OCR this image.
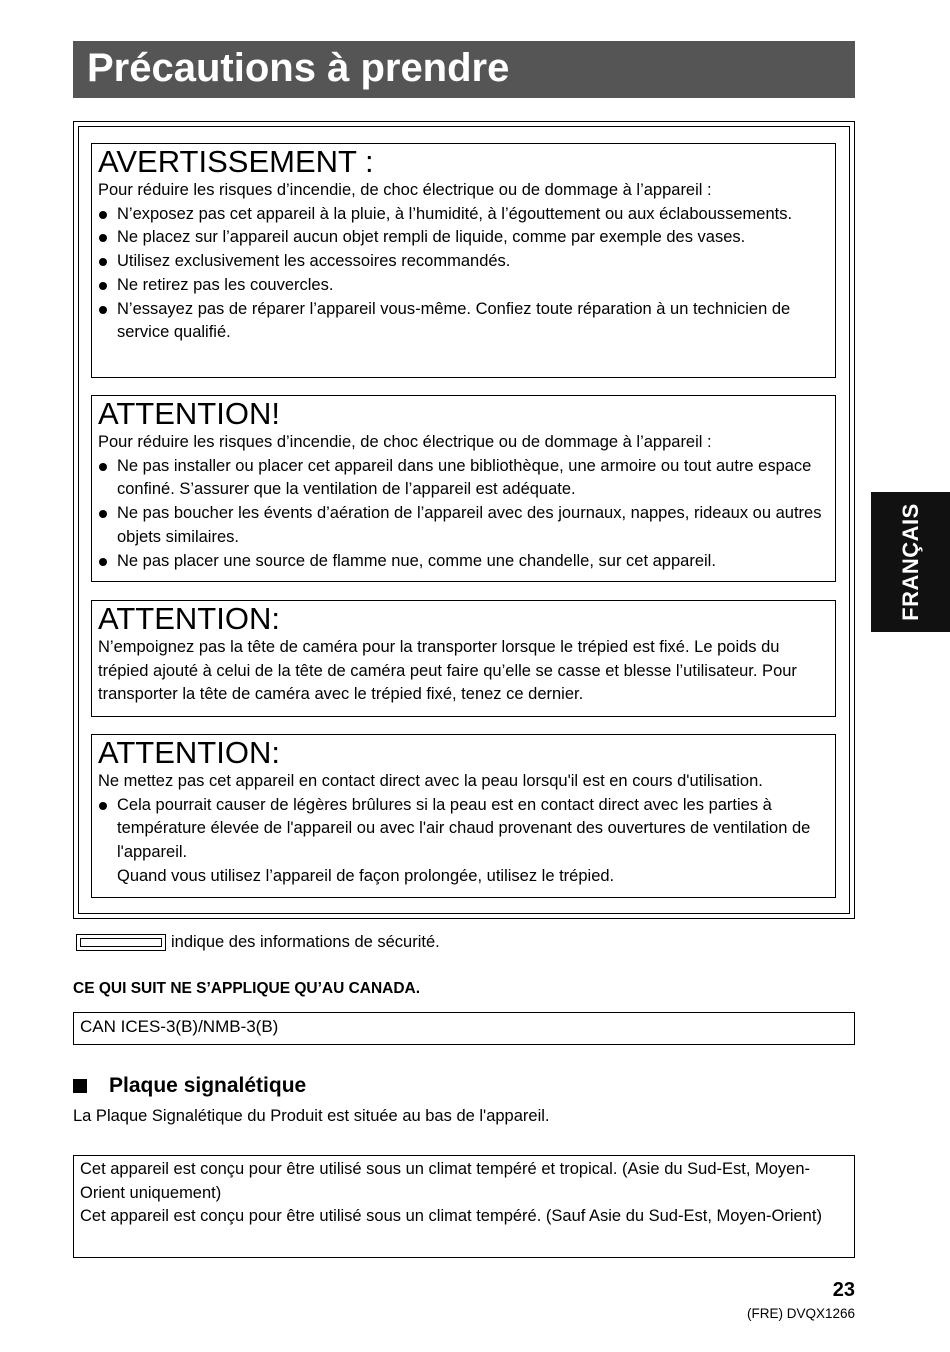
Précautions à prendre
AVERTISSEMENT :

Pour réduire les risques d’incendie, de choc électrique ou de dommage à l’appareil :

N’exposez pas cet appareil à la pluie, à l’humidité, à l’égouttement ou aux éclaboussements.
Ne placez sur l’appareil aucun objet rempli de liquide, comme par exemple des vases.
Utilisez exclusivement les accessoires recommandés.
Ne retirez pas les couvercles.
N’essayez pas de réparer l’appareil vous-même. Confiez toute réparation à un technicien de service qualifié.
ATTENTION!

Pour réduire les risques d’incendie, de choc électrique ou de dommage à l’appareil :

Ne pas installer ou placer cet appareil dans une bibliothèque, une armoire ou tout autre espace confiné. S’assurer que la ventilation de l’appareil est adéquate.
Ne pas boucher les évents d’aération de l’appareil avec des journaux, nappes, rideaux ou autres objets similaires.
Ne pas placer une source de flamme nue, comme une chandelle, sur cet appareil.
ATTENTION:

N’empoignez pas la tête de caméra pour la transporter lorsque le trépied est fixé. Le poids du trépied ajouté à celui de la tête de caméra peut faire qu’elle se casse et blesse l’utilisateur. Pour transporter la tête de caméra avec le trépied fixé, tenez ce dernier.

ATTENTION:

Ne mettez pas cet appareil en contact direct avec la peau lorsqu'il est en cours d'utilisation.

Cela pourrait causer de légères brûlures si la peau est en contact direct avec les parties à température élevée de l'appareil ou avec l'air chaud provenant des ouvertures de ventilation de l'appareil.
Quand vous utilisez l’appareil de façon prolongée, utilisez le trépied.
FRANÇAIS
indique des informations de sécurité.
CE QUI SUIT NE S’APPLIQUE QU’AU CANADA.
CAN ICES-3(B)/NMB-3(B)
Plaque signalétique
La Plaque Signalétique du Produit est située au bas de l'appareil.
Cet appareil est conçu pour être utilisé sous un climat tempéré et tropical. (Asie du Sud-Est, Moyen-Orient uniquement)
Cet appareil est conçu pour être utilisé sous un climat tempéré. (Sauf Asie du Sud-Est, Moyen-Orient)
23
(FRE) DVQX1266
